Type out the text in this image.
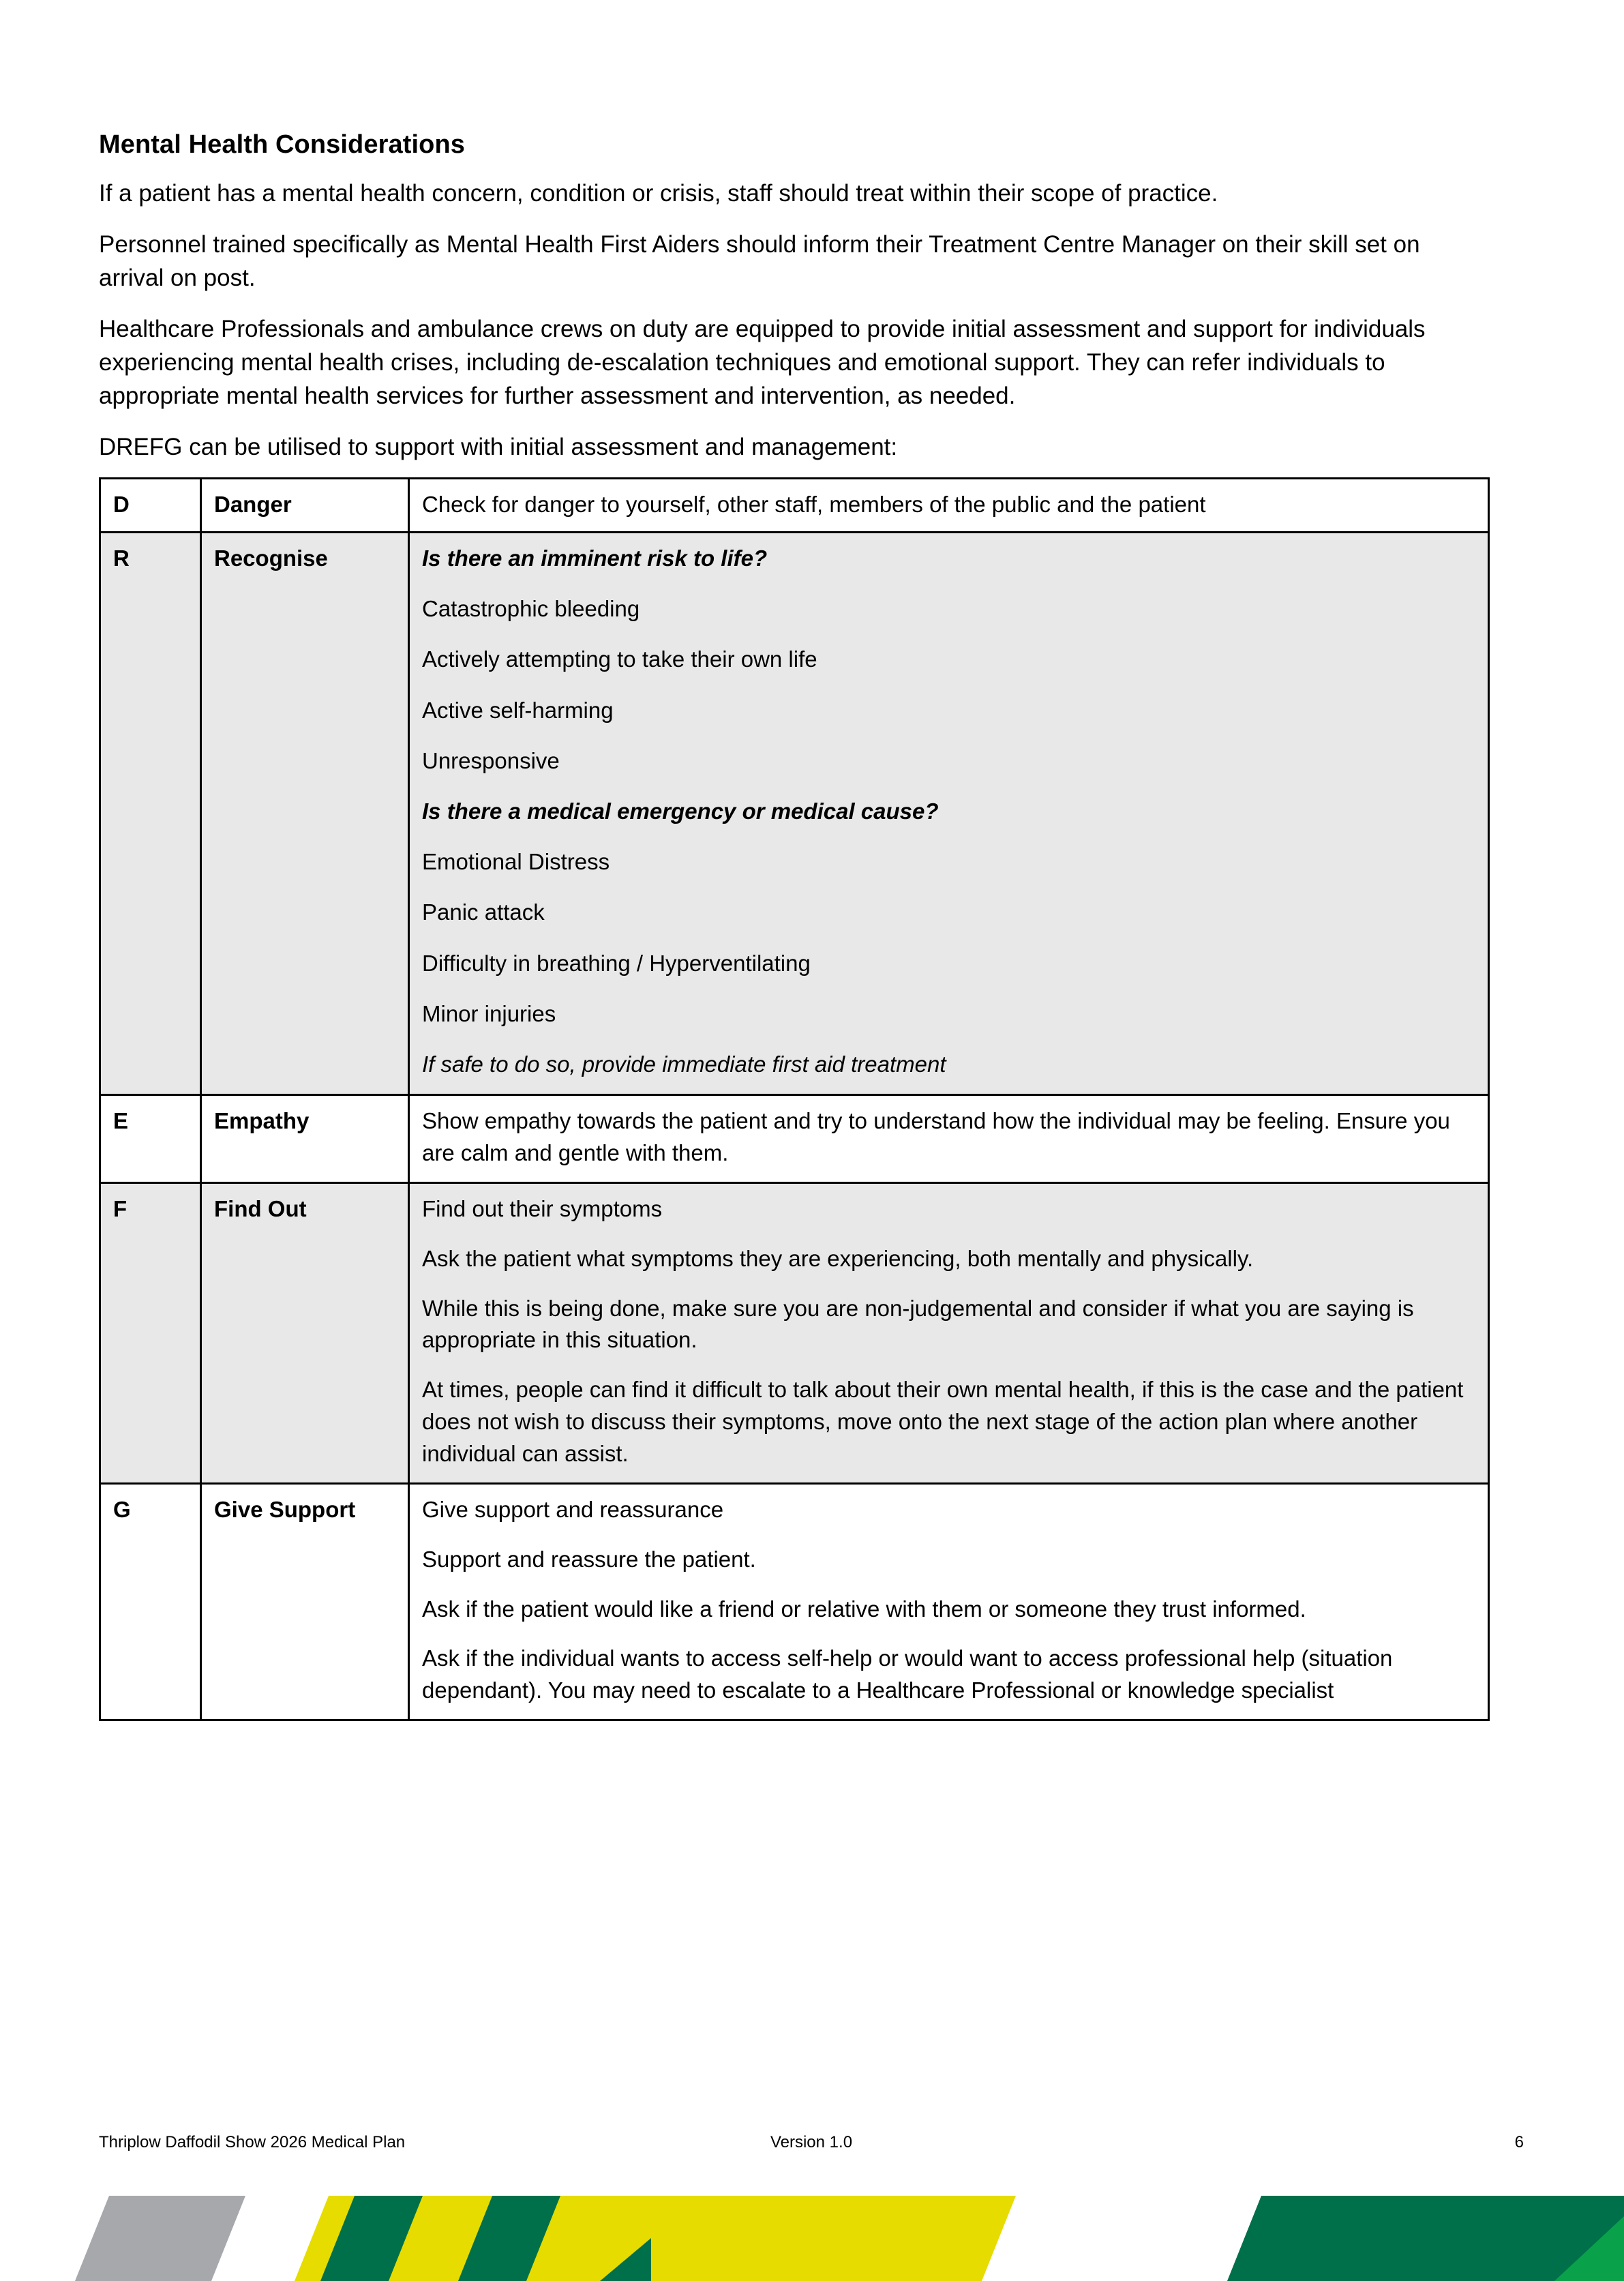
Mental Health Considerations

If a patient has a mental health concern, condition or crisis, staff should treat within their scope of practice.

Personnel trained specifically as Mental Health First Aiders should inform their Treatment Centre Manager on their skill set on arrival on post.

Healthcare Professionals and ambulance crews on duty are equipped to provide initial assessment and support for individuals experiencing mental health crises, including de-escalation techniques and emotional support. They can refer individuals to appropriate mental health services for further assessment and intervention, as needed.

DREFG can be utilised to support with initial assessment and management:

D	Danger	Check for danger to yourself, other staff, members of the public and the patient

R	Recognise	Is there an imminent risk to life?
Catastrophic bleeding
Actively attempting to take their own life
Active self-harming
Unresponsive
Is there a medical emergency or medical cause?
Emotional Distress
Panic attack
Difficulty in breathing / Hyperventilating
Minor injuries
If safe to do so, provide immediate first aid treatment

E	Empathy	Show empathy towards the patient and try to understand how the individual may be feeling. Ensure you are calm and gentle with them.

F	Find Out	Find out their symptoms
Ask the patient what symptoms they are experiencing, both mentally and physically.
While this is being done, make sure you are non-judgemental and consider if what you are saying is appropriate in this situation.
At times, people can find it difficult to talk about their own mental health, if this is the case and the patient does not wish to discuss their symptoms, move onto the next stage of the action plan where another individual can assist.

G	Give Support	Give support and reassurance
Support and reassure the patient.
Ask if the patient would like a friend or relative with them or someone they trust informed.
Ask if the individual wants to access self-help or would want to access professional help (situation dependant). You may need to escalate to a Healthcare Professional or knowledge specialist
Thriplow Daffodil Show 2026 Medical Plan	Version 1.0	6
